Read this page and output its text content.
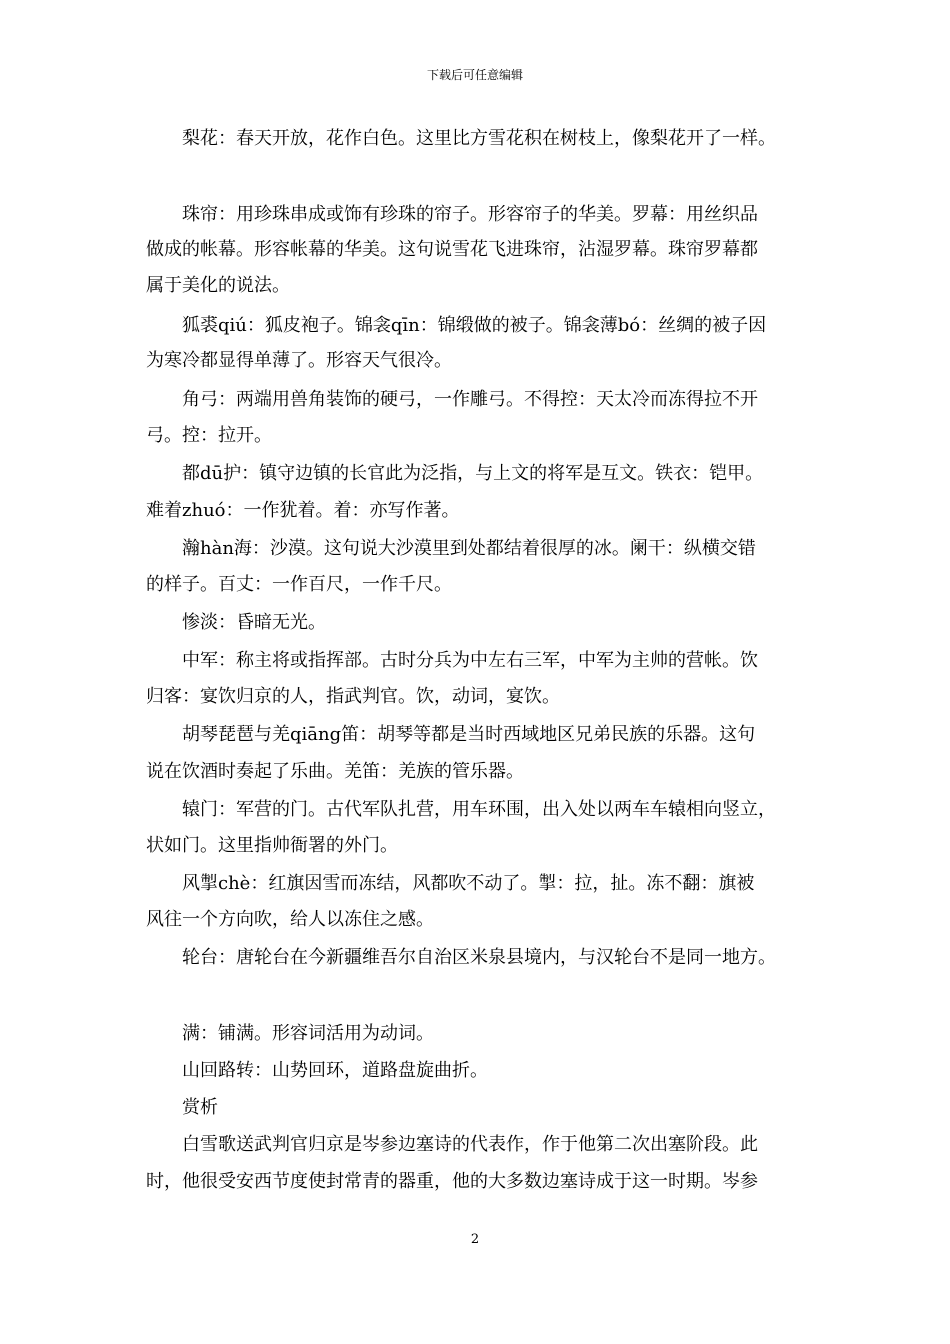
下载后可任意编辑
梨花：春天开放，花作白色。这里比方雪花积在树枝上，像梨花开了一样。
珠帘：用珍珠串成或饰有珍珠的帘子。形容帘子的华美。罗幕：用丝织品
做成的帐幕。形容帐幕的华美。这句说雪花飞进珠帘，沾湿罗幕。珠帘罗幕都
属于美化的说法。
狐裘qiú：狐皮袍子。锦衾qīn：锦缎做的被子。锦衾薄bó：丝绸的被子因
为寒冷都显得单薄了。形容天气很冷。
角弓：两端用兽角装饰的硬弓，一作雕弓。不得控：天太冷而冻得拉不开
弓。控：拉开。
都dū护：镇守边镇的长官此为泛指，与上文的将军是互文。铁衣：铠甲。
难着zhuó：一作犹着。着：亦写作著。
瀚hàn海：沙漠。这句说大沙漠里到处都结着很厚的冰。阑干：纵横交错
的样子。百丈：一作百尺，一作千尺。
惨淡：昏暗无光。
中军：称主将或指挥部。古时分兵为中左右三军，中军为主帅的营帐。饮
归客：宴饮归京的人，指武判官。饮，动词，宴饮。
胡琴琵琶与羌qiāng笛：胡琴等都是当时西域地区兄弟民族的乐器。这句
说在饮酒时奏起了乐曲。羌笛：羌族的管乐器。
辕门：军营的门。古代军队扎营，用车环围，出入处以两车车辕相向竖立，
状如门。这里指帅衙署的外门。
风掣chè：红旗因雪而冻结，风都吹不动了。掣：拉，扯。冻不翻：旗被
风往一个方向吹，给人以冻住之感。
轮台：唐轮台在今新疆维吾尔自治区米泉县境内，与汉轮台不是同一地方。
满：铺满。形容词活用为动词。
山回路转：山势回环，道路盘旋曲折。
赏析
白雪歌送武判官归京是岑参边塞诗的代表作，作于他第二次出塞阶段。此
时，他很受安西节度使封常青的器重，他的大多数边塞诗成于这一时期。岑参
2
